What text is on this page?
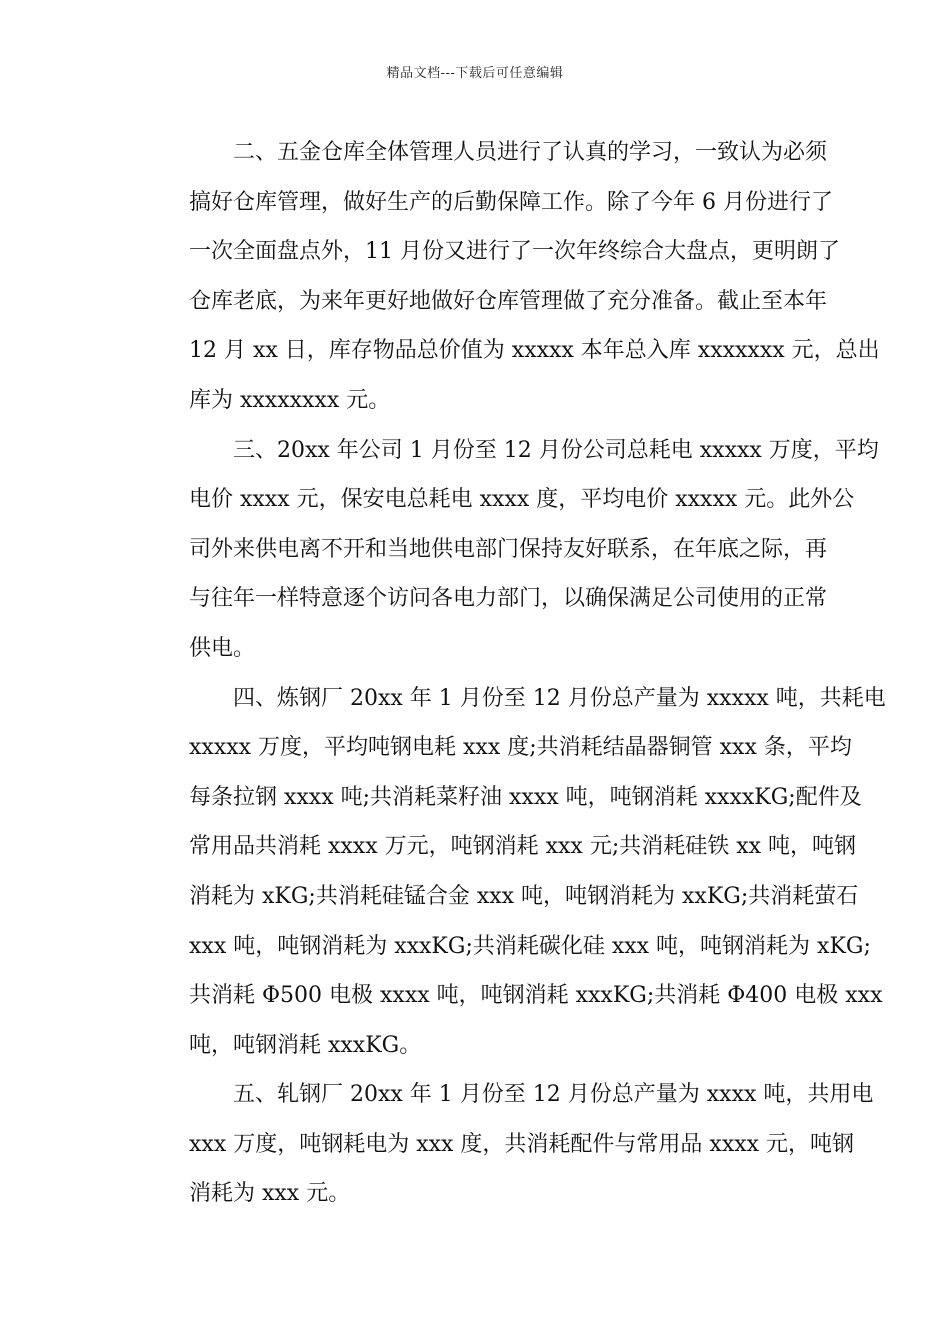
精品文档---下载后可任意编辑
二、五金仓库全体管理人员进行了认真的学习，一致认为必须
搞好仓库管理，做好生产的后勤保障工作。除了今年 6 月份进行了
一次全面盘点外，11 月份又进行了一次年终综合大盘点，更明朗了
仓库老底，为来年更好地做好仓库管理做了充分准备。截止至本年
12 月 xx 日，库存物品总价值为 xxxxx 本年总入库 xxxxxxx 元，总出
库为 xxxxxxxx 元。
三、20xx 年公司 1 月份至 12 月份公司总耗电 xxxxx 万度，平均
电价 xxxx 元，保安电总耗电 xxxx 度，平均电价 xxxxx 元。此外公
司外来供电离不开和当地供电部门保持友好联系，在年底之际，再
与往年一样特意逐个访问各电力部门，以确保满足公司使用的正常
供电。
四、炼钢厂 20xx 年 1 月份至 12 月份总产量为 xxxxx 吨，共耗电
xxxxx 万度，平均吨钢电耗 xxx 度;共消耗结晶器铜管 xxx 条，平均
每条拉钢 xxxx 吨;共消耗菜籽油 xxxx 吨，吨钢消耗 xxxxKG;配件及
常用品共消耗 xxxx 万元，吨钢消耗 xxx 元;共消耗硅铁 xx 吨，吨钢
消耗为 xKG;共消耗硅锰合金 xxx 吨，吨钢消耗为 xxKG;共消耗萤石
xxx 吨，吨钢消耗为 xxxKG;共消耗碳化硅 xxx 吨，吨钢消耗为 xKG;
共消耗 Φ500 电极 xxxx 吨，吨钢消耗 xxxKG;共消耗 Φ400 电极 xxx
吨，吨钢消耗 xxxKG。
五、轧钢厂 20xx 年 1 月份至 12 月份总产量为 xxxx 吨，共用电
xxx 万度，吨钢耗电为 xxx 度，共消耗配件与常用品 xxxx 元，吨钢
消耗为 xxx 元。
